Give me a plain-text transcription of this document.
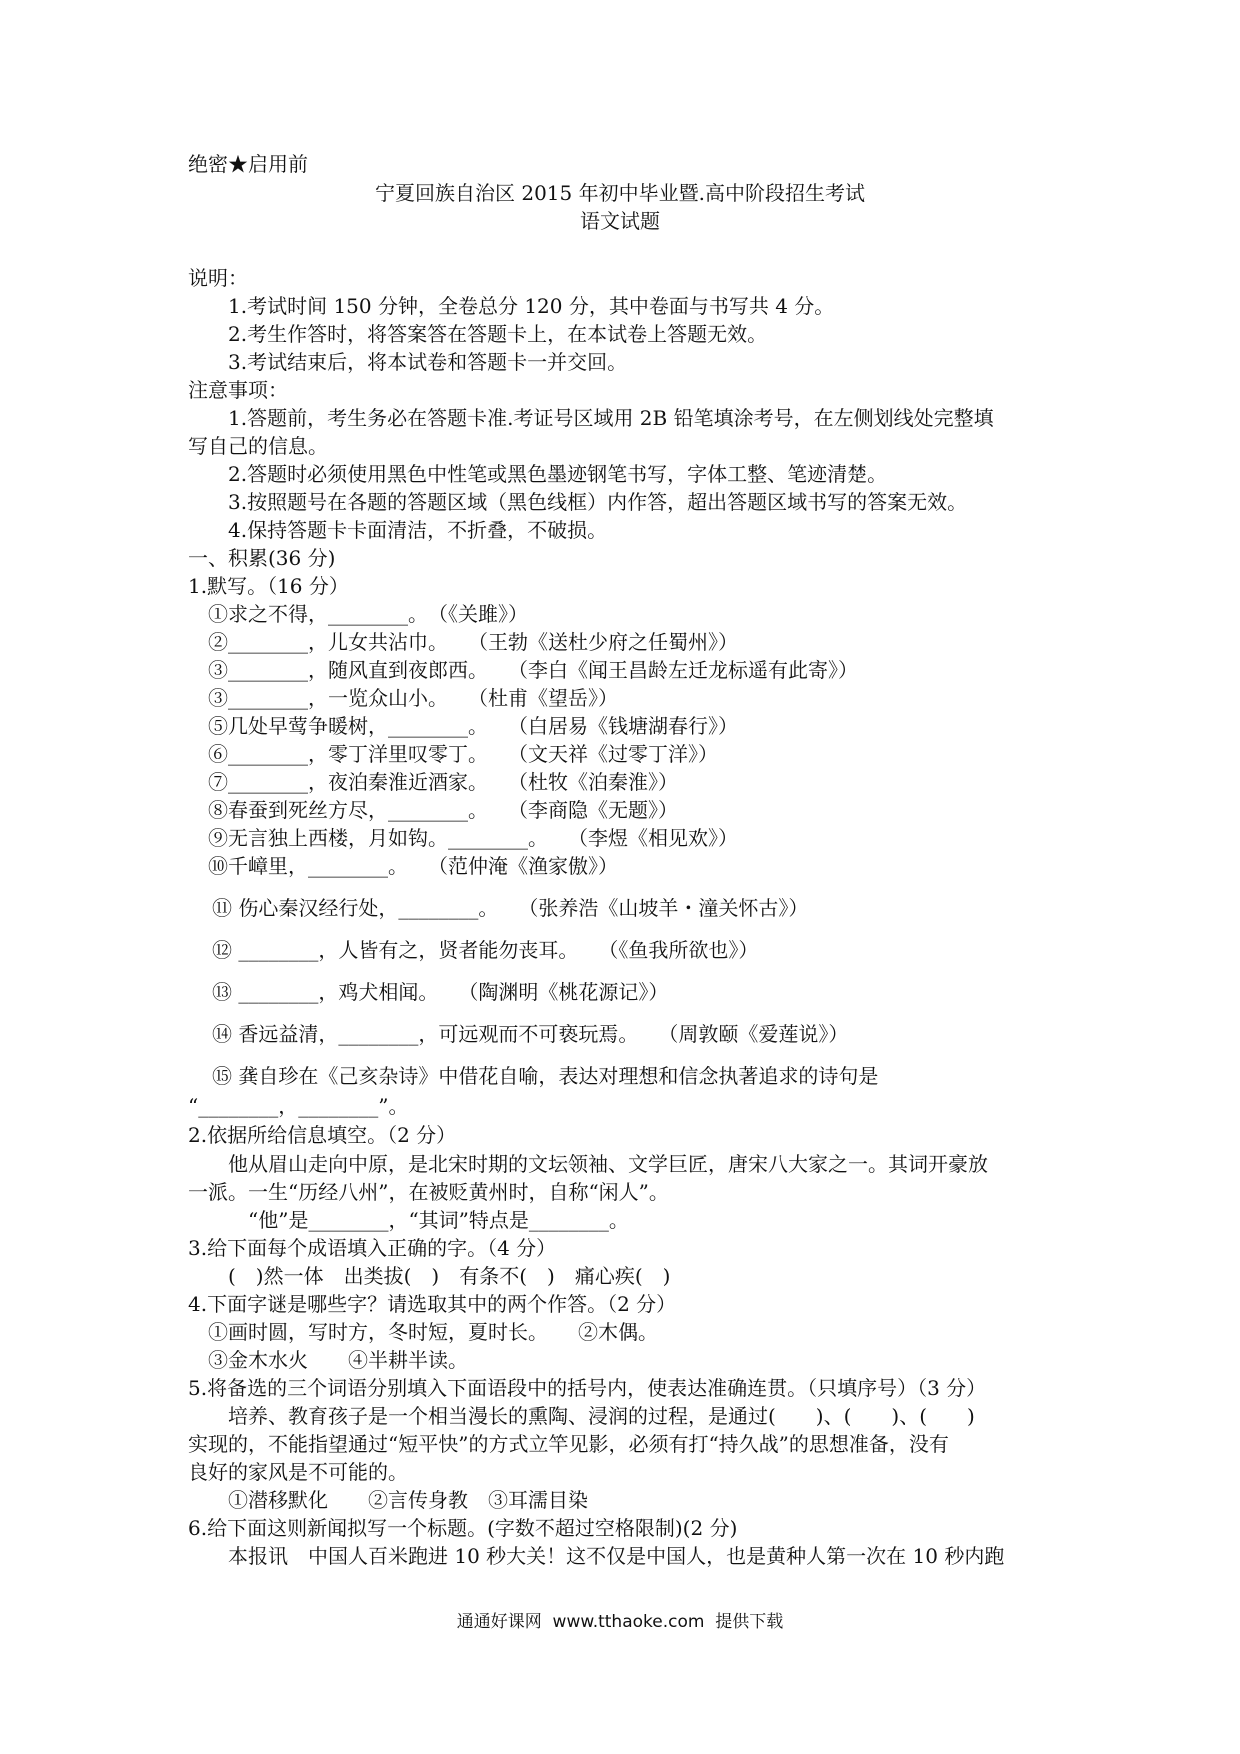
绝密★启用前
宁夏回族自治区 2015 年初中毕业暨.高中阶段招生考试
语文试题
说明：
1.考试时间 150 分钟，全卷总分 120 分，其中卷面与书写共 4 分。
2.考生作答时，将答案答在答题卡上，在本试卷上答题无效。
3.考试结束后，将本试卷和答题卡一并交回。
注意事项：
1.答题前，考生务必在答题卡准.考证号区域用 2B 铅笔填涂考号，在左侧划线处完整填
写自己的信息。
2.答题时必须使用黑色中性笔或黑色墨迹钢笔书写，字体工整、笔迹清楚。
3.按照题号在各题的答题区域（黑色线框）内作答，超出答题区域书写的答案无效。
4.保持答题卡卡面清洁，不折叠，不破损。
一、积累(36 分)
1.默写。（16 分）
①求之不得，________。　（《关雎》）
②________，儿女共沾巾。　　（王勃《送杜少府之任蜀州》）
③________，随风直到夜郎西。　　（李白《闻王昌龄左迁龙标遥有此寄》）
③________，一览众山小。　　（杜甫《望岳》）
⑤几处早莺争暖树，________。　　（白居易《钱塘湖春行》）
⑥________，零丁洋里叹零丁。　　（文天祥《过零丁洋》）
⑦________，夜泊秦淮近酒家。　　（杜牧《泊秦淮》）
⑧春蚕到死丝方尽，________。　　（李商隐《无题》）
⑨无言独上西楼，月如钩。________。　　（李煜《相见欢》）
⑩千嶂里，________。　　（范仲淹《渔家傲》）
⑪ 伤心秦汉经行处，________。　　（张养浩《山坡羊・潼关怀古》）
⑫ ________，人皆有之，贤者能勿丧耳。　　（《鱼我所欲也》）
⑬ ________，鸡犬相闻。　　（陶渊明《桃花源记》）
⑭ 香远益清，________，可远观而不可亵玩焉。　　（周敦颐《爱莲说》）
⑮ 龚自珍在《己亥杂诗》中借花自喻，表达对理想和信念执著追求的诗句是
“________，________”。
2.依据所给信息填空。（2 分）
他从眉山走向中原，是北宋时期的文坛领袖、文学巨匠，唐宋八大家之一。其词开豪放
一派。一生“历经八州”，在被贬黄州时，自称“闲人”。
“他”是________，“其词”特点是________。
3.给下面每个成语填入正确的字。（4 分）
(　)然一体　出类拔(　)　有条不(　)　痛心疾(　)
4.下面字谜是哪些字？请选取其中的两个作答。（2 分）
①画时圆，写时方，冬时短，夏时长。　　②木偶。
③金木水火　　④半耕半读。
5.将备选的三个词语分别填入下面语段中的括号内，使表达准确连贯。（只填序号）（3 分）
培养、教育孩子是一个相当漫长的熏陶、浸润的过程，是通过(　　)、(　　)、(　　)
实现的，不能指望通过“短平快”的方式立竿见影，必须有打“持久战”的思想准备，没有
良好的家风是不可能的。
①潜移默化　　②言传身教　③耳濡目染
6.给下面这则新闻拟写一个标题。(字数不超过空格限制)(2 分)
本报讯　中国人百米跑进 10 秒大关！这不仅是中国人，也是黄种人第一次在 10 秒内跑
通通好课网  www.tthaoke.com  提供下载
